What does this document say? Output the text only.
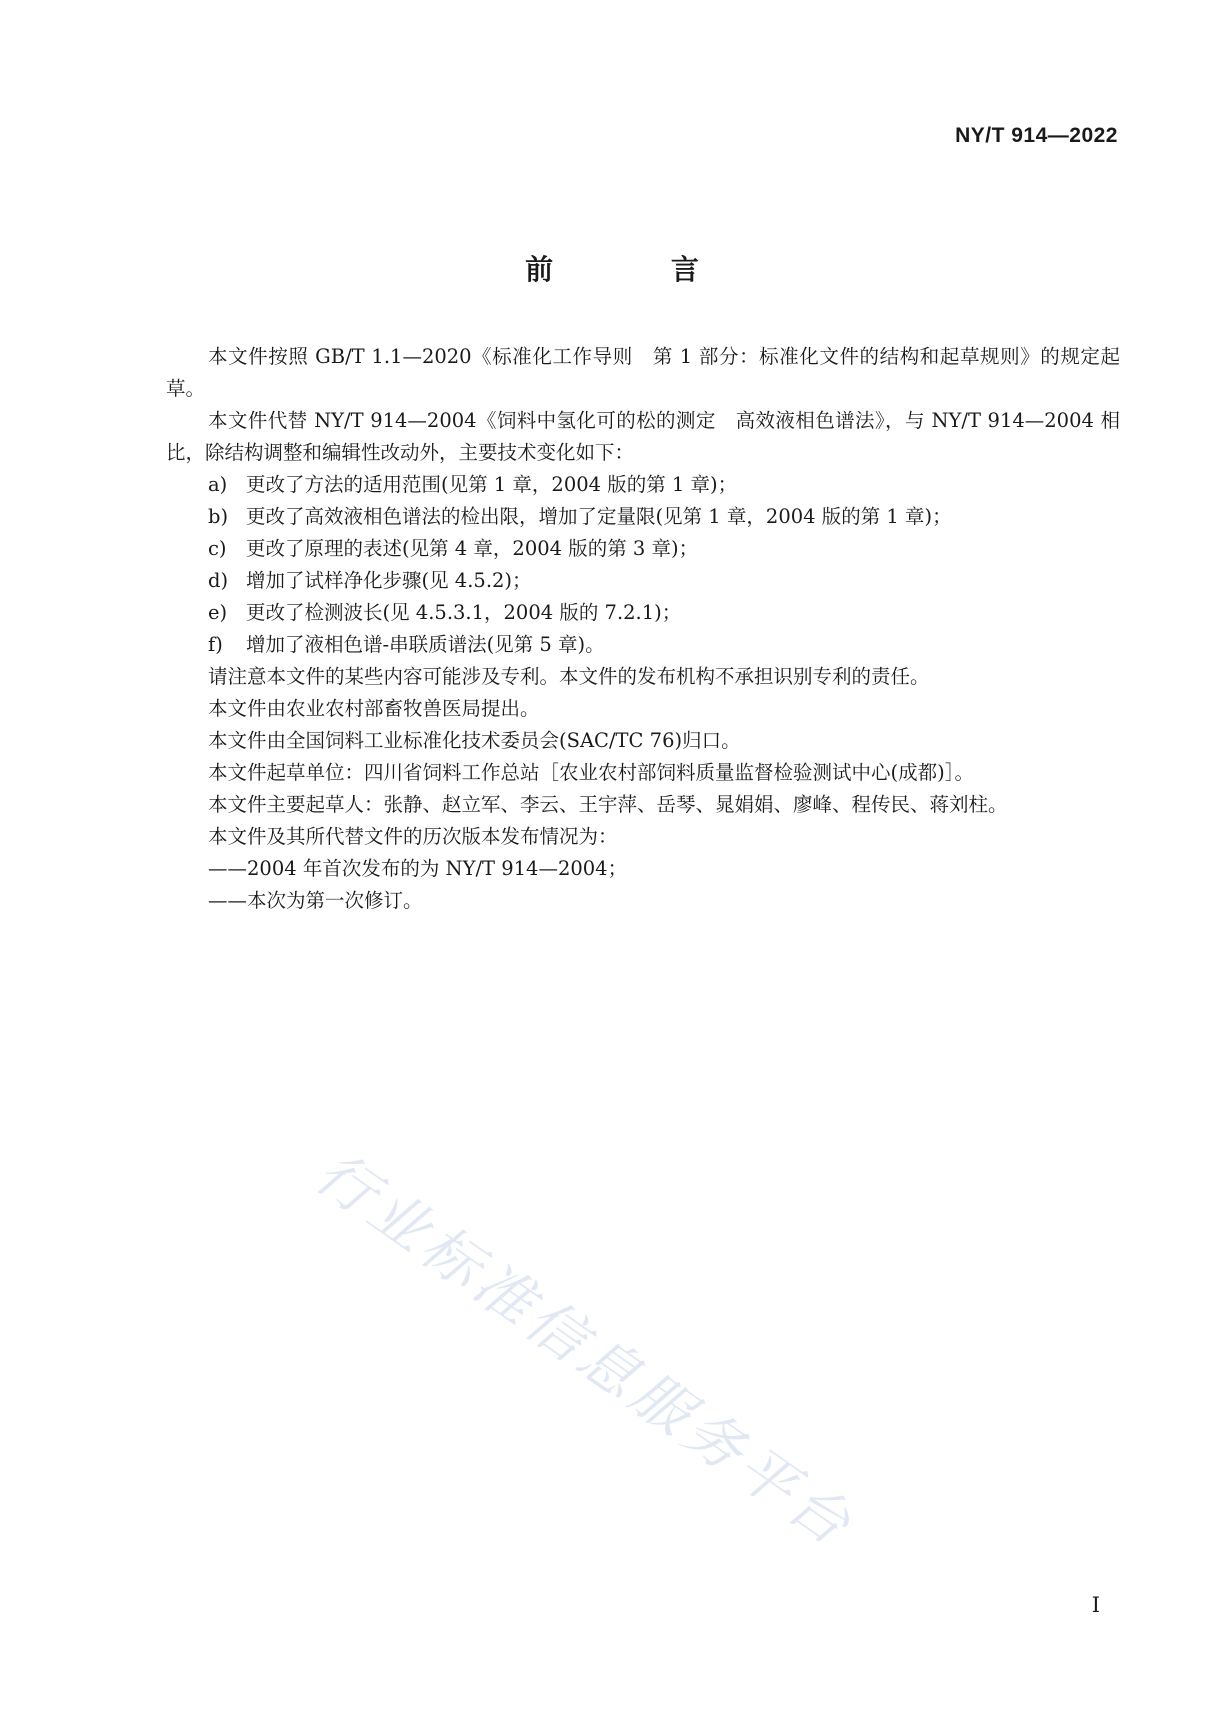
NY/T 914—2022
前 言

本文件按照 GB/T 1.1—2020《标准化工作导则　第 1 部分：标准化文件的结构和起草规则》的规定起草。

本文件代替 NY/T 914—2004《饲料中氢化可的松的测定　高效液相色谱法》，与 NY/T 914—2004 相比，除结构调整和编辑性改动外，主要技术变化如下：

a) 更改了方法的适用范围(见第 1 章，2004 版的第 1 章)；

b) 更改了高效液相色谱法的检出限，增加了定量限(见第 1 章，2004 版的第 1 章)；

c) 更改了原理的表述(见第 4 章，2004 版的第 3 章)；

d) 增加了试样净化步骤(见 4.5.2)；

e) 更改了检测波长(见 4.5.3.1，2004 版的 7.2.1)；

f) 增加了液相色谱-串联质谱法(见第 5 章)。

请注意本文件的某些内容可能涉及专利。本文件的发布机构不承担识别专利的责任。

本文件由农业农村部畜牧兽医局提出。

本文件由全国饲料工业标准化技术委员会(SAC/TC 76)归口。

本文件起草单位：四川省饲料工作总站［农业农村部饲料质量监督检验测试中心(成都)］。

本文件主要起草人：张静、赵立军、李云、王宇萍、岳琴、晁娟娟、廖峰、程传民、蒋刘柱。

本文件及其所代替文件的历次版本发布情况为：

——2004 年首次发布的为 NY/T 914—2004；

——本次为第一次修订。

行业标准信息服务平台
I
